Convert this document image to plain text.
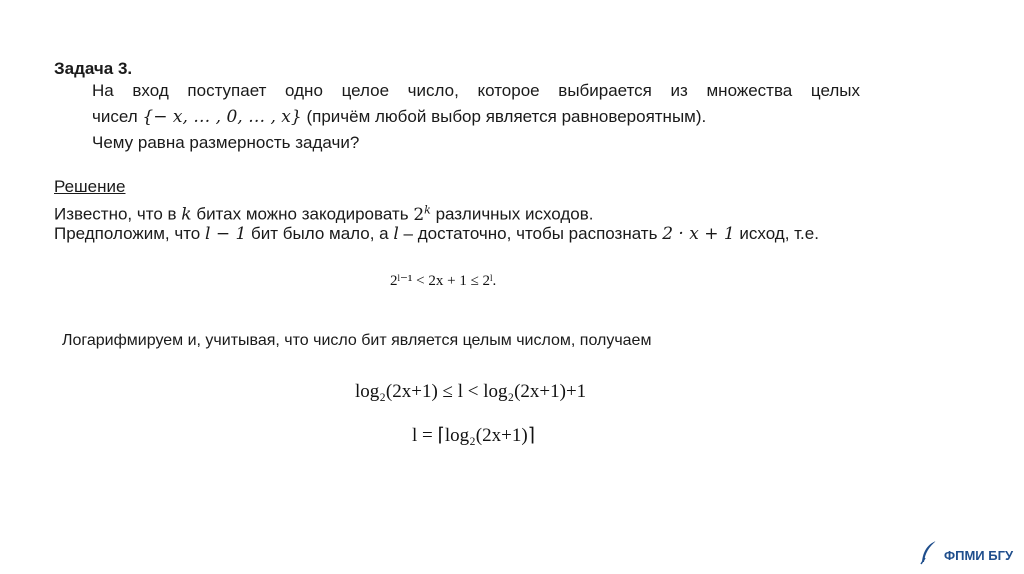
Задача 3.
На вход поступает одно целое число, которое выбирается из множества целых
чисел {− x, … , 0, … , x} (причём любой выбор является равновероятным).
Чему равна размерность задачи?
Решение
Известно, что в k битах можно закодировать 2$^k$ различных исходов.
Предположим, что l − 1 бит было мало, а l – достаточно, чтобы распознать 2 · x + 1 исход, т.е.
2ˡ⁻¹ < 2x + 1 ≤ 2ˡ.
Логарифмируем и, учитывая, что число бит является целым числом, получаем
log₂(2x+1) ≤ l < log₂(2x+1)+1
l = ⌈log₂(2x+1)⌉
ФПМИ БГУ
